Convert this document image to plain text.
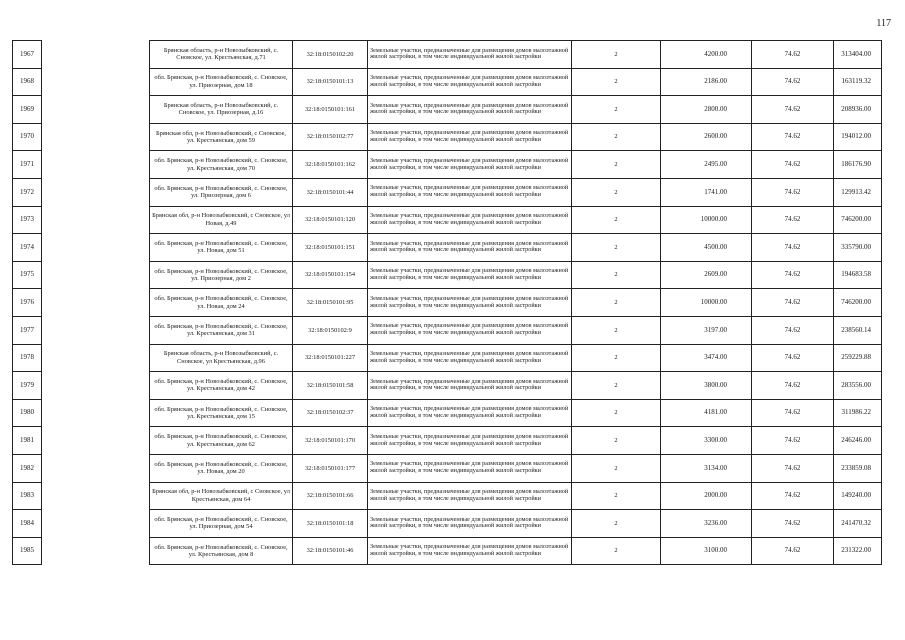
117
1967		Брянская область, р-н Новозыбковский, с. Сновское, ул. Крестьянская, д.71	32:18:0150102:20	Земельные участки, предназначенные для размещения домов малоэтажной жилой застройки, в том числе индивидуальной жилой застройки	2	4200.00	74.62	313404.00
1968		обл. Брянская, р-н Новозыбковский, с. Сновское, ул. Приозерная, дом 18	32:18:0150101:13	Земельные участки, предназначенные для размещения домов малоэтажной жилой застройки, в том числе индивидуальной жилой застройки	2	2186.00	74.62	163119.32
1969		Брянская область, р-н Новозыбковский, с. Сновское, ул. Приозерная, д.16	32:18:0150101:161	Земельные участки, предназначенные для размещения домов малоэтажной жилой застройки, в том числе индивидуальной жилой застройки	2	2800.00	74.62	208936.00
1970		Брянская обл, р-н Новозыбковский, с Сновское, ул. Крестьянская, дом 59	32:18:0150102:77	Земельные участки, предназначенные для размещения домов малоэтажной жилой застройки, в том числе индивидуальной жилой застройки	2	2600.00	74.62	194012.00
1971		обл. Брянская, р-н Новозыбковский, с. Сновское, ул. Крестьянская, дом 70	32:18:0150101:162	Земельные участки, предназначенные для размещения домов малоэтажной жилой застройки, в том числе индивидуальной жилой застройки	2	2495.00	74.62	186176.90
1972		обл. Брянская, р-н Новозыбковский, с. Сновское, ул. Приозерная, дом 6	32:18:0150101:44	Земельные участки, предназначенные для размещения домов малоэтажной жилой застройки, в том числе индивидуальной жилой застройки	2	1741.00	74.62	129913.42
1973		Брянская обл, р-н Новозыбковский, с Сновское, ул Новая, д.49	32:18:0150101:120	Земельные участки, предназначенные для размещения домов малоэтажной жилой застройки, в том числе индивидуальной жилой застройки	2	10000.00	74.62	746200.00
1974		обл. Брянская, р-н Новозыбковский, с. Сновское, ул. Новая, дом 51	32:18:0150101:151	Земельные участки, предназначенные для размещения домов малоэтажной жилой застройки, в том числе индивидуальной жилой застройки	2	4500.00	74.62	335790.00
1975		обл. Брянская, р-н Новозыбковский, с. Сновское, ул. Приозерная, дом 2	32:18:0150101:154	Земельные участки, предназначенные для размещения домов малоэтажной жилой застройки, в том числе индивидуальной жилой застройки	2	2609.00	74.62	194683.58
1976		обл. Брянская, р-н Новозыбковский, с. Сновское, ул. Новая, дом 24	32:18:0150101:95	Земельные участки, предназначенные для размещения домов малоэтажной жилой застройки, в том числе индивидуальной жилой застройки	2	10000.00	74.62	746200.00
1977		обл. Брянская, р-н Новозыбковский, с. Сновское, ул. Крестьянская, дом 31	32:18:0150102:9	Земельные участки, предназначенные для размещения домов малоэтажной жилой застройки, в том числе индивидуальной жилой застройки	2	3197.00	74.62	238560.14
1978		Брянская область, р-н Новозыбковский, с. Сновское, ул Крестьянская, д.96	32:18:0150101:227	Земельные участки, предназначенные для размещения домов малоэтажной жилой застройки, в том числе индивидуальной жилой застройки	2	3474.00	74.62	259229.88
1979		обл. Брянская, р-н Новозыбковский, с. Сновское, ул. Крестьянская, дом 42	32:18:0150101:58	Земельные участки, предназначенные для размещения домов малоэтажной жилой застройки, в том числе индивидуальной жилой застройки	2	3800.00	74.62	283556.00
1980		обл. Брянская, р-н Новозыбковский, с. Сновское, ул. Крестьянская, дом 15	32:18:0150102:37	Земельные участки, предназначенные для размещения домов малоэтажной жилой застройки, в том числе индивидуальной жилой застройки	2	4181.00	74.62	311986.22
1981		обл. Брянская, р-н Новозыбковский, с. Сновское, ул. Крестьянская, дом 62	32:18:0150101:170	Земельные участки, предназначенные для размещения домов малоэтажной жилой застройки, в том числе индивидуальной жилой застройки	2	3300.00	74.62	246246.00
1982		обл. Брянская, р-н Новозыбковский, с. Сновское, ул. Новая, дом 20	32:18:0150101:177	Земельные участки, предназначенные для размещения домов малоэтажной жилой застройки, в том числе индивидуальной жилой застройки	2	3134.00	74.62	233859.08
1983		Брянская обл, р-н Новозыбковский, с Сновское, ул Крестьянская, дом 64	32:18:0150101:66	Земельные участки, предназначенные для размещения домов малоэтажной жилой застройки, в том числе индивидуальной жилой застройки	2	2000.00	74.62	149240.00
1984		обл. Брянская, р-н Новозыбковский, с. Сновское, ул. Приозерная, дом 54	32:18:0150101:18	Земельные участки, предназначенные для размещения домов малоэтажной жилой застройки, в том числе индивидуальной жилой застройки	2	3236.00	74.62	241470.32
1985		обл. Брянская, р-н Новозыбковский, с. Сновское, ул. Крестьянская, дом 8	32:18:0150101:46	Земельные участки, предназначенные для размещения домов малоэтажной жилой застройки, в том числе индивидуальной жилой застройки	2	3100.00	74.62	231322.00
